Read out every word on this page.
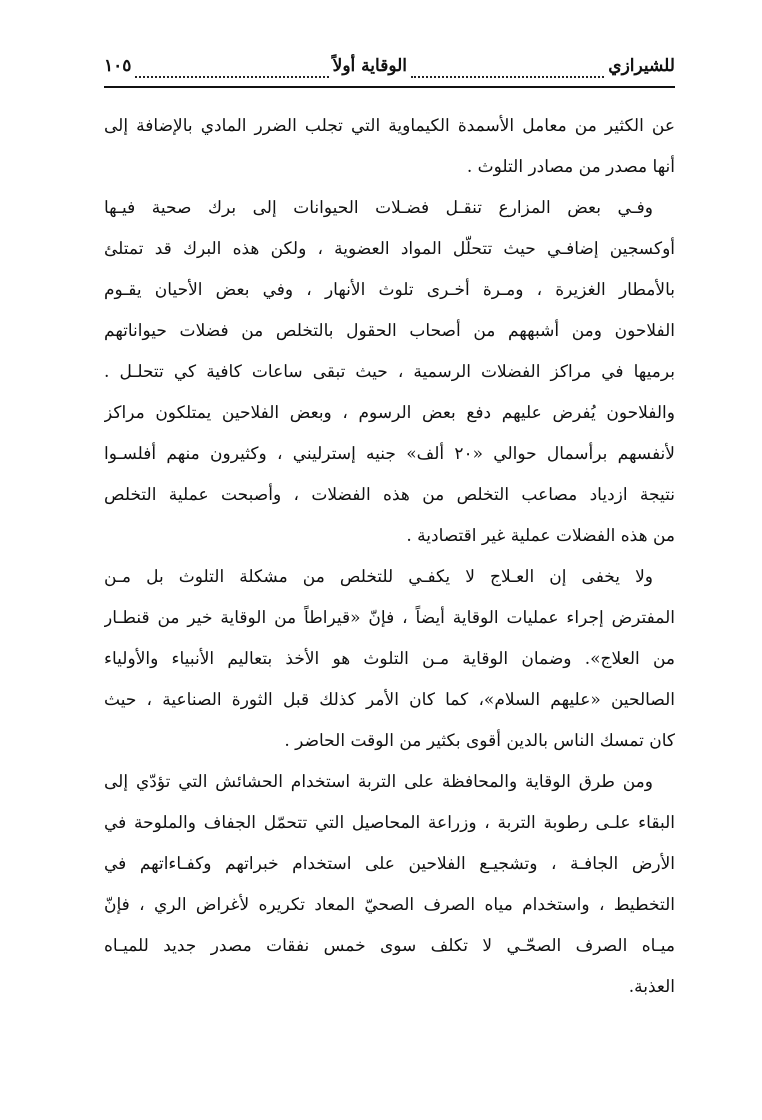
للشيرازي
الوقاية أولاً
١٠٥

عن الكثير من معامل الأسمدة الكيماوية التي تجلب الضرر المادي بالإضافة إلى
أنها مصدر من مصادر التلوث .

وفـي بعض المزارع تنقـل فضـلات الحيوانات إلى برك صحية فيـها
أوكسجين إضافـي حيث تتحلّل المواد العضوية ، ولكن هذه البرك قد تمتلئ
بالأمطار الغزيرة ، ومـرة أخـرى تلوث الأنهار ، وفي بعض الأحيان يقـوم
الفلاحون ومن أشبههم من أصحاب الحقول بالتخلص من فضلات حيواناتهم
برميها في مراكز الفضلات الرسمية ، حيث تبقى ساعات كافية كي تتحلـل .
والفلاحون يُفرض عليهم دفع بعض الرسوم ، وبعض الفلاحين يمتلكون مراكز
لأنفسهم برأسمال حوالي «٢٠ ألف» جنيه إسترليني ، وكثيرون منهم أفلسـوا
نتيجة ازدياد مصاعب التخلص من هذه الفضلات ، وأصبحت عملية التخلص
من هذه الفضلات عملية غير اقتصادية .

ولا يخفى إن العـلاج لا يكفـي للتخلص من مشكلة التلوث بل مـن
المفترض إجراء عمليات الوقاية أيضاً ، فإنّ «قيراطاً من الوقاية خير من قنطـار
من العلاج». وضمان الوقاية مـن التلوث هو الأخذ بتعاليم الأنبياء والأولياء
الصالحين «عليهم السلام»، كما كان الأمر كذلك قبل الثورة الصناعية ، حيث
كان تمسك الناس بالدين أقوى بكثير من الوقت الحاضر .

ومن طرق الوقاية والمحافظة على التربة استخدام الحشائش التي تؤدّي إلى
البقاء علـى رطوبة التربة ، وزراعة المحاصيل التي تتحمّل الجفاف والملوحة في
الأرض الجافـة ، وتشجيـع الفلاحين على استخدام خبراتهم وكفـاءاتهم في
التخطيط ، واستخدام مياه الصرف الصحيّ المعاد تكريره لأغراض الري ، فإنّ
ميـاه الصرف الصحّـي لا تكلف سوى خمس نفقات مصدر جديد للميـاه
العذبة.
